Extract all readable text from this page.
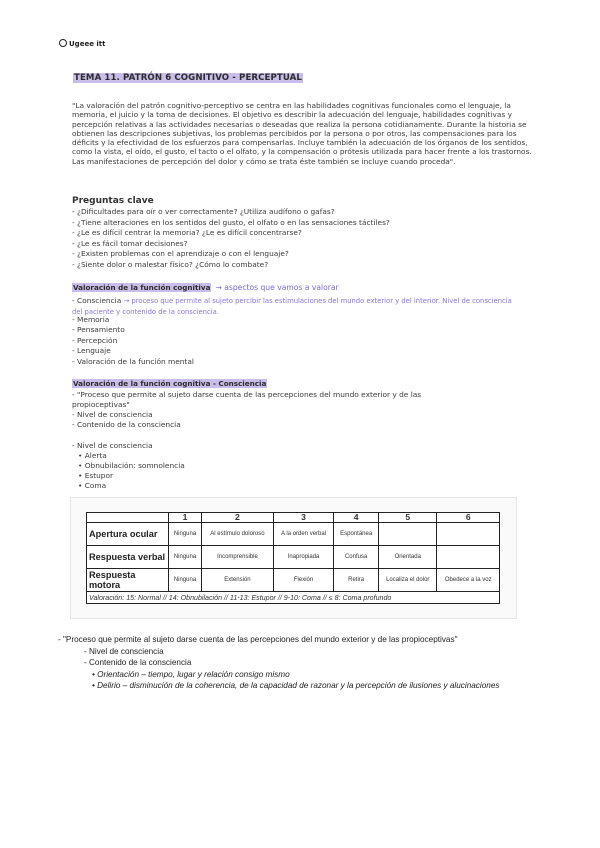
Ugeee itt
TEMA 11. PATRÓN 6 COGNITIVO - PERCEPTUAL

"La valoración del patrón cognitivo-perceptivo se centra en las habilidades cognitivas funcionales como el lenguaje, la memoria, el juicio y la toma de decisiones. El objetivo es describir la adecuación del lenguaje, habilidades cognitivas y percepción relativas a las actividades necesarias o deseadas que realiza la persona cotidianamente. Durante la historia se obtienen las descripciones subjetivas, los problemas percibidos por la persona o por otros, las compensaciones para los déficits y la efectividad de los esfuerzos para compensarlas. Incluye también la adecuación de los órganos de los sentidos, como la vista, el oído, el gusto, el tacto o el olfato, y la compensación o prótesis utilizada para hacer frente a los trastornos. Las manifestaciones de percepción del dolor y cómo se trata éste también se incluye cuando proceda".

Preguntas clave
- ¿Dificultades para oír o ver correctamente? ¿Utiliza audífono o gafas?
- ¿Tiene alteraciones en los sentidos del gusto, el olfato o en las sensaciones táctiles?
- ¿Le es difícil centrar la memoria? ¿Le es difícil concentrarse?
- ¿Le es fácil tomar decisiones?
- ¿Existen problemas con el aprendizaje o con el lenguaje?
- ¿Siente dolor o malestar físico? ¿Cómo lo combate?
Valoración de la función cognitiva → aspectos que vamos a valorar

- Consciencia → proceso que permite al sujeto percibir las estimulaciones del mundo exterior y del interior. Nivel de consciencia del paciente y contenido de la consciencia.

- Memoria
- Pensamiento
- Percepción
- Lenguaje
- Valoración de la función mental
Valoración de la función cognitiva - Consciencia
- "Proceso que permite al sujeto darse cuenta de las percepciones del mundo exterior y de las propioceptivas"
- Nivel de consciencia
- Contenido de la consciencia
- Nivel de consciencia
• Alerta
• Obnubilación: somnolencia
• Estupor
• Coma
	1	2	3	4	5	6
Apertura ocular	Ninguna	Al estímulo doloroso	A la orden verbal	Espontánea		
Respuesta verbal	Ninguna	Incomprensible	Inapropiada	Confusa	Orientada	
Respuesta motora	Ninguna	Extensión	Flexión	Retira	Localiza el dolor	Obedece a la voz
Valoración: 15: Normal // 14: Obnubilación // 11-13: Estupor // 9-10: Coma // ≤ 8: Coma profundo						
- "Proceso que permite al sujeto darse cuenta de las percepciones del mundo exterior y de las propioceptivas"
- Nivel de consciencia
- Contenido de la consciencia
• Orientación – tiempo, lugar y relación consigo mismo
• Delirio – disminución de la coherencia, de la capacidad de razonar y la percepción de ilusiones y alucinaciones
